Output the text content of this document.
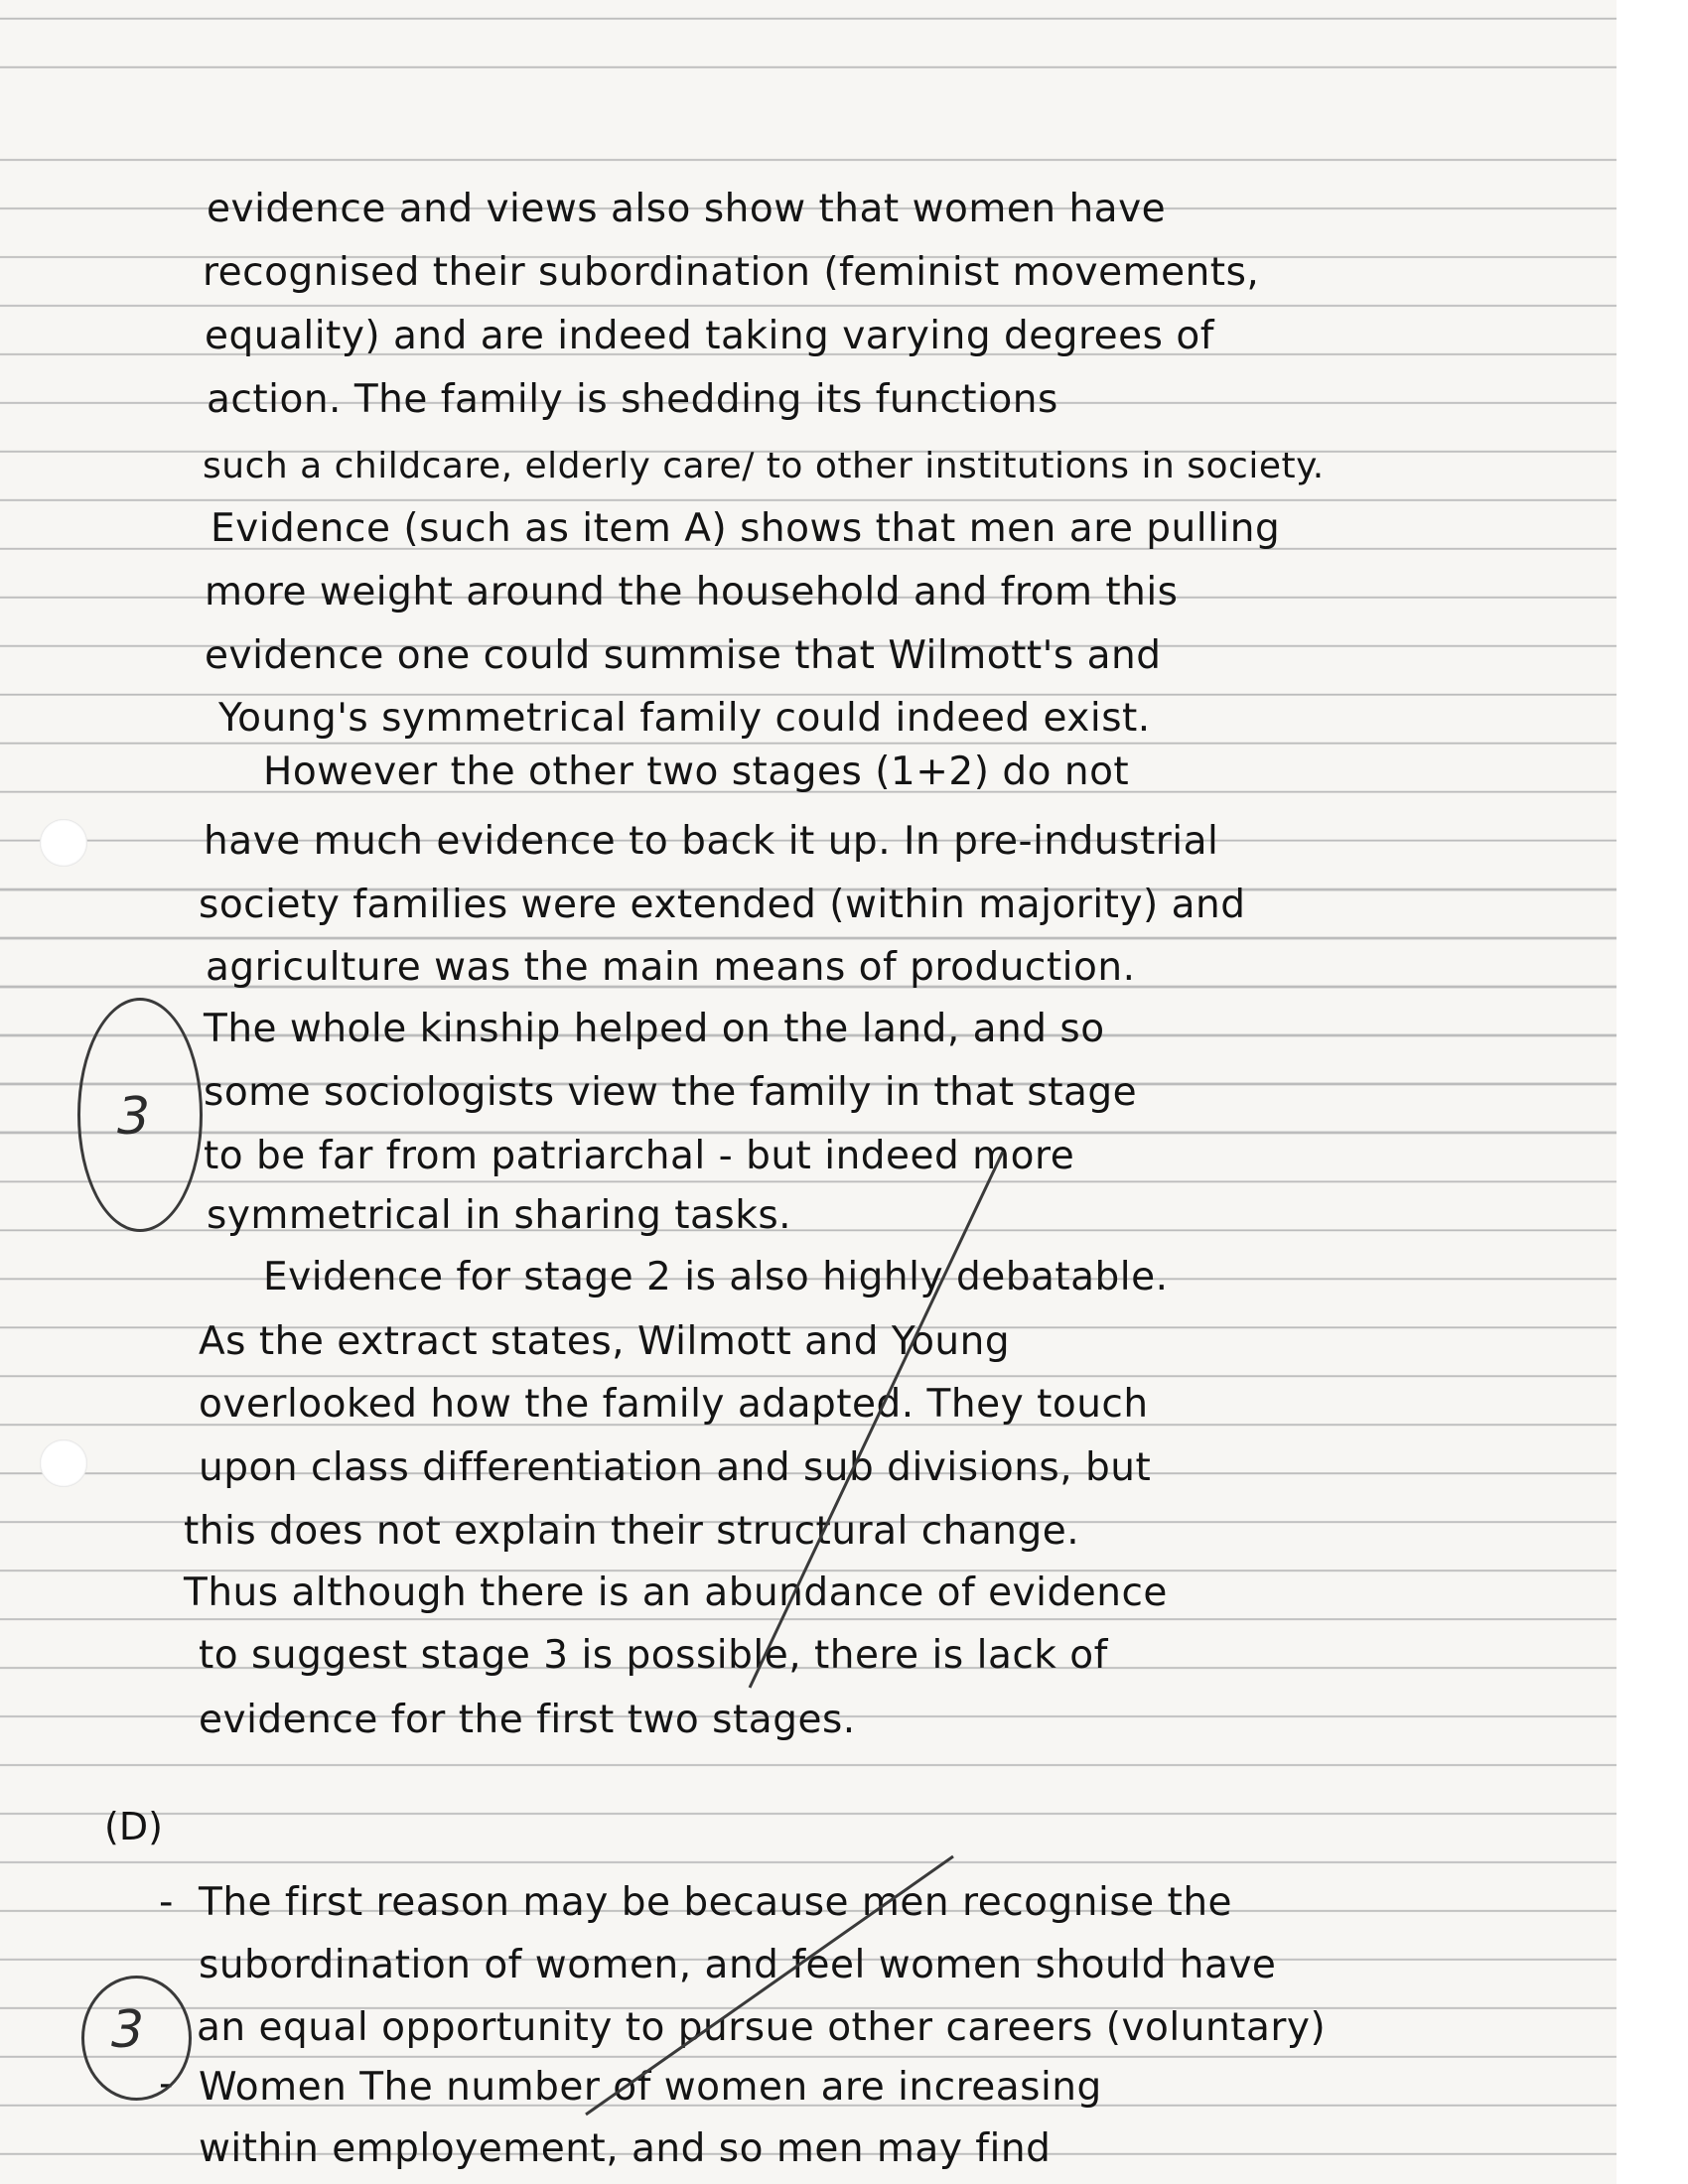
evidence and views also show that women have
recognised their subordination (feminist movements,
equality) and are indeed taking varying degrees of
action. The family is shedding its functions
such a childcare, elderly care/ to other institutions in society.
Evidence (such as item A) shows that men are pulling
more weight around the household and from this
evidence one could summise that Wilmott's and
Young's symmetrical family could indeed exist.
However the other two stages (1+2) do not
have much evidence to back it up. In pre-industrial
society families were extended (within majority) and
agriculture was the main means of production.
The whole kinship helped on the land, and so
some sociologists view the family in that stage
to be far from patriarchal - but indeed more
symmetrical in sharing tasks.
Evidence for stage 2 is also highly debatable.
As the extract states, Wilmott and Young
overlooked how the family adapted. They touch
upon class differentiation and sub divisions, but
this does not explain their structural change.
Thus although there is an abundance of evidence
to suggest stage 3 is possible, there is lack of
evidence for the first two stages.
(D)
- The first reason may be because men recognise the
subordination of women, and feel women should have
an equal opportunity to pursue other careers (voluntary)
- Women The number of women are increasing
within employement, and so men may find
3
3
